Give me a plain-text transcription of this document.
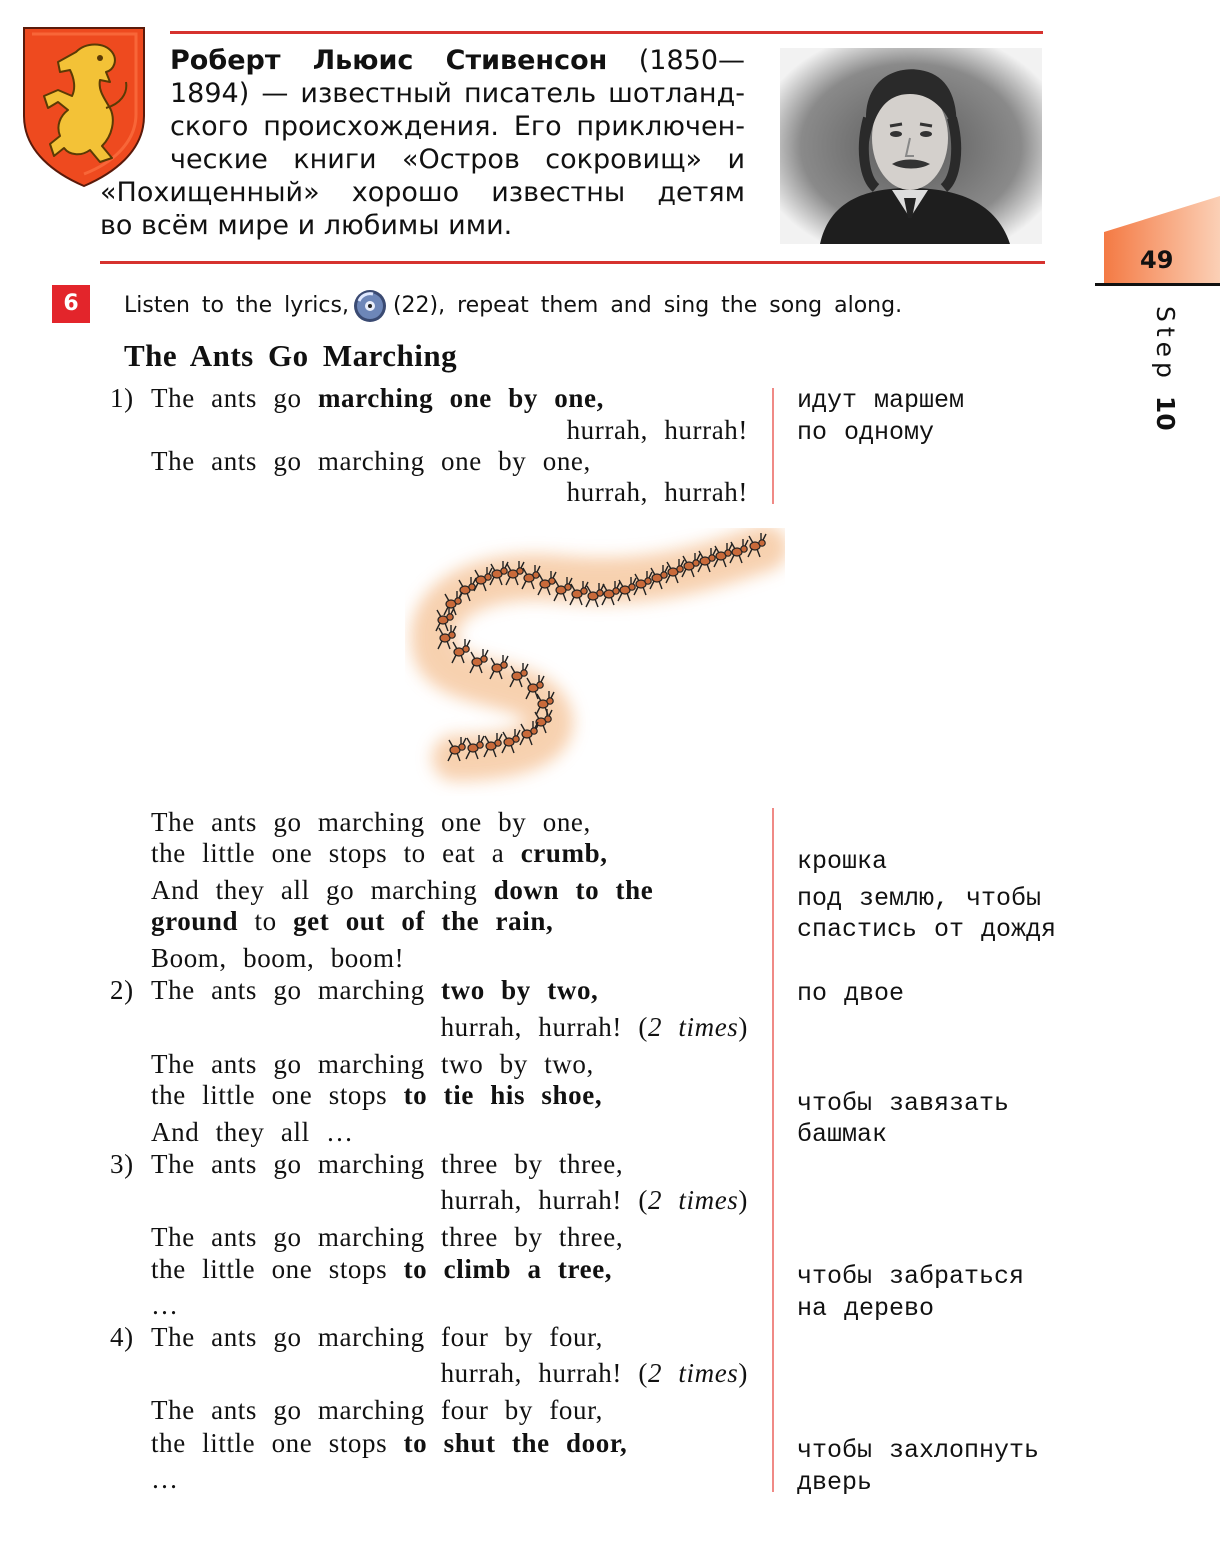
Роберт Льюис Стивенсон (1850—
1894) — известный писатель шотланд-
ского происхождения. Его приключен-
ческие книги «Остров сокровищ» и
«Похищенный» хорошо известны детям
во всём мире и любимы ими.
49
Step 10
6	Listen to the lyrics, (22), repeat them and sing the song along.
The Ants Go Marching
1) The ants go marching one by one,
hurrah, hurrah!
The ants go marching one by one,
hurrah, hurrah!
идут маршем
по одному
The ants go marching one by one,
the little one stops to eat a crumb,
And they all go marching down to the
ground to get out of the rain,
Boom, boom, boom!
2) The ants go marching two by two,
hurrah, hurrah! (2 times)
The ants go marching two by two,
the little one stops to tie his shoe,
And they all …
3) The ants go marching three by three,
hurrah, hurrah! (2 times)
The ants go marching three by three,
the little one stops to climb a tree,
…
4) The ants go marching four by four,
hurrah, hurrah! (2 times)
The ants go marching four by four,
the little one stops to shut the door,
…
крошка
под землю, чтобы
спастись от дождя
по двое
чтобы завязать
башмак
чтобы забраться
на дерево
чтобы захлопнуть
дверь
